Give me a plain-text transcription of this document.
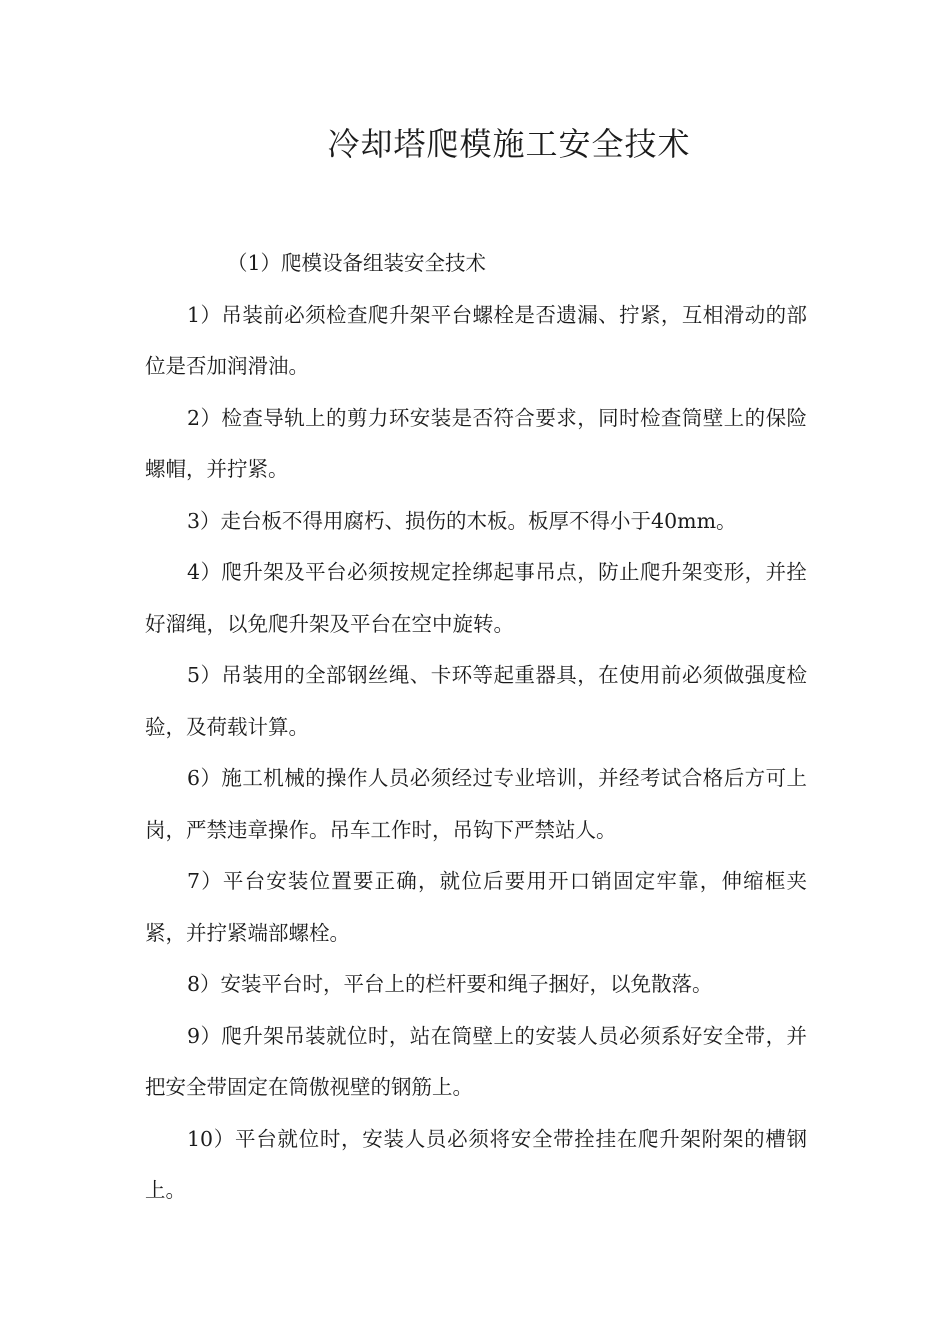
冷却塔爬模施工安全技术
（1）爬模设备组装安全技术

1）吊装前必须检查爬升架平台螺栓是否遗漏、拧紧，互相滑动的部位是否加润滑油。

2）检查导轨上的剪力环安装是否符合要求，同时检查筒壁上的保险螺帽，并拧紧。

3）走台板不得用腐朽、损伤的木板。板厚不得小于40mm。

4）爬升架及平台必须按规定拴绑起事吊点，防止爬升架变形，并拴好溜绳，以免爬升架及平台在空中旋转。

5）吊装用的全部钢丝绳、卡环等起重器具，在使用前必须做强度检验，及荷载计算。

6）施工机械的操作人员必须经过专业培训，并经考试合格后方可上岗，严禁违章操作。吊车工作时，吊钩下严禁站人。

7）平台安装位置要正确，就位后要用开口销固定牢靠，伸缩框夹紧，并拧紧端部螺栓。

8）安装平台时，平台上的栏杆要和绳子捆好，以免散落。

9）爬升架吊装就位时，站在筒壁上的安装人员必须系好安全带，并把安全带固定在筒傲视壁的钢筋上。

10）平台就位时，安装人员必须将安全带拴挂在爬升架附架的槽钢上。
